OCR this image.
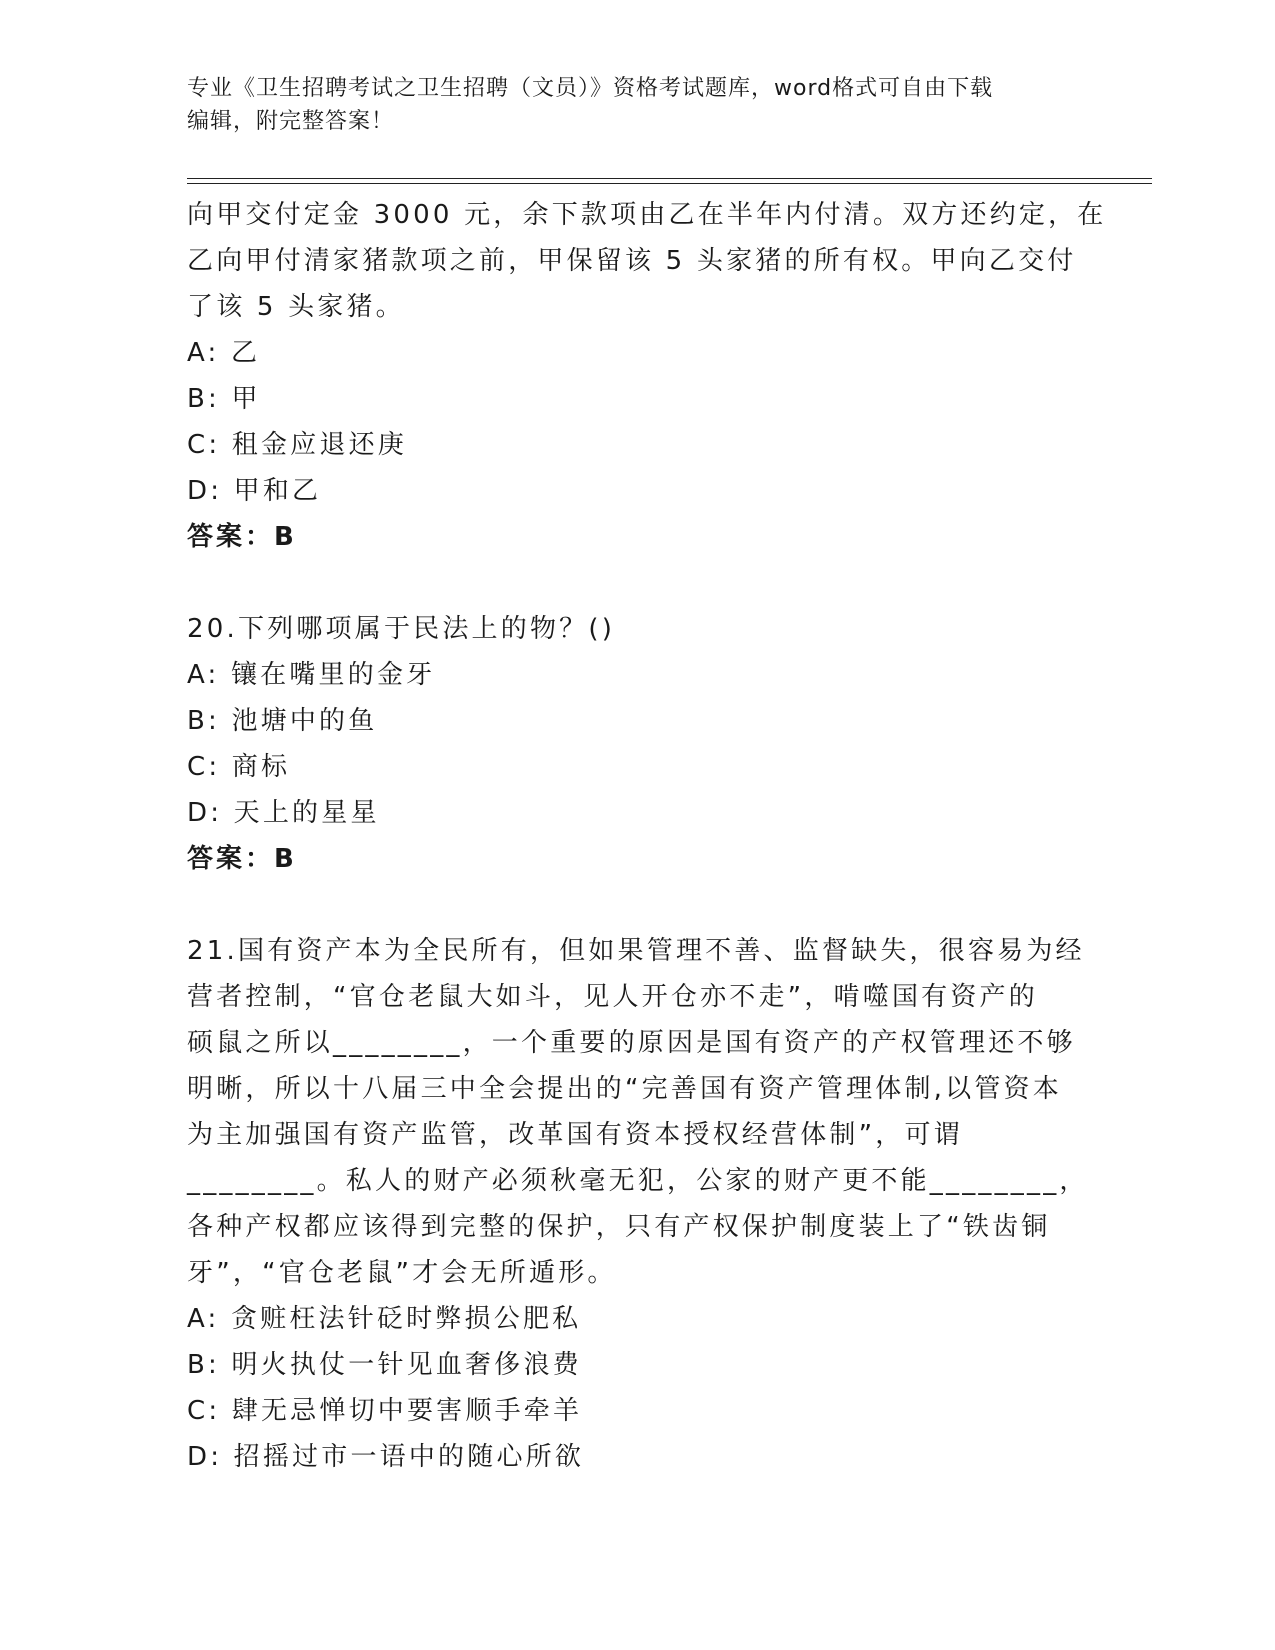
专业《卫生招聘考试之卫生招聘（文员）》资格考试题库，word格式可自由下载
编辑，附完整答案！
向甲交付定金 3000 元，余下款项由乙在半年内付清。双方还约定，在
乙向甲付清家猪款项之前，甲保留该 5 头家猪的所有权。甲向乙交付
了该 5 头家猪。
A: 乙
B: 甲
C: 租金应退还庚
D: 甲和乙
答案：B
20.下列哪项属于民法上的物？()
A: 镶在嘴里的金牙
B: 池塘中的鱼
C: 商标
D: 天上的星星
答案：B
21.国有资产本为全民所有，但如果管理不善、监督缺失，很容易为经
营者控制，“官仓老鼠大如斗，见人开仓亦不走”，啃噬国有资产的
硕鼠之所以________，一个重要的原因是国有资产的产权管理还不够
明晰，所以十八届三中全会提出的“完善国有资产管理体制,以管资本
为主加强国有资产监管，改革国有资本授权经营体制”，可谓
________。私人的财产必须秋毫无犯，公家的财产更不能________，
各种产权都应该得到完整的保护，只有产权保护制度装上了“铁齿铜
牙”，“官仓老鼠”才会无所遁形。
A: 贪赃枉法针砭时弊损公肥私
B: 明火执仗一针见血奢侈浪费
C: 肆无忌惮切中要害顺手牵羊
D: 招摇过市一语中的随心所欲
